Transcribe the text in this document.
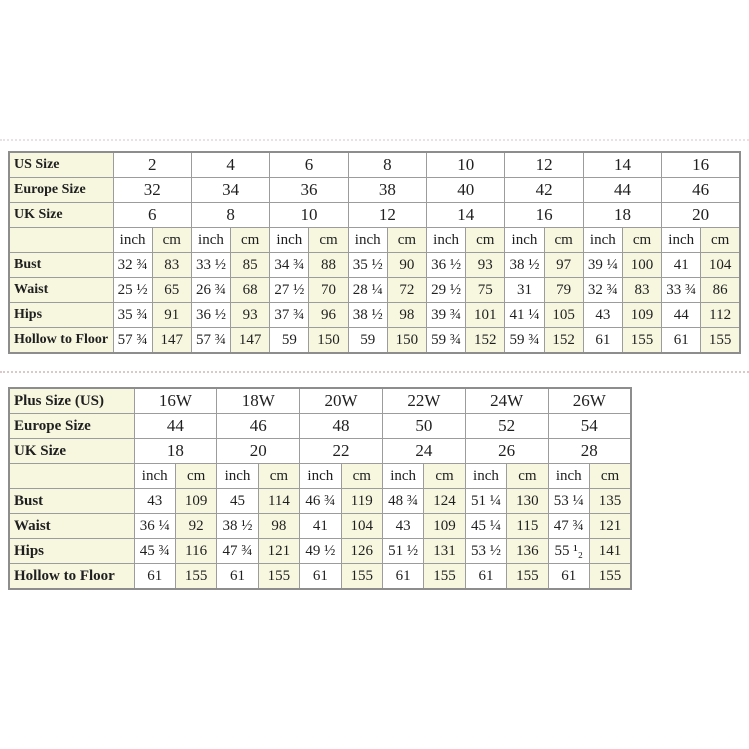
US Size	2		4		6		8		10		12		14		16	
Europe Size	32		34		36		38		40		42		44		46	
UK Size	6		8		10		12		14		16		18		20	
	inch	cm	inch	cm	inch	cm	inch	cm	inch	cm	inch	cm	inch	cm	inch	cm
Bust	32 ¾	83	33 ½	85	34 ¾	88	35 ½	90	36 ½	93	38 ½	97	39 ¼	100	41	104
Waist	25 ½	65	26 ¾	68	27 ½	70	28 ¼	72	29 ½	75	31	79	32 ¾	83	33 ¾	86
Hips	35 ¾	91	36 ½	93	37 ¾	96	38 ½	98	39 ¾	101	41 ¼	105	43	109	44	112
Hollow to Floor	57 ¾	147	57 ¾	147	59	150	59	150	59 ¾	152	59 ¾	152	61	155	61	155
Plus Size (US)	16W		18W		20W		22W		24W		26W	
Europe Size	44		46		48		50		52		54	
UK Size	18		20		22		24		26		28	
	inch	cm	inch	cm	inch	cm	inch	cm	inch	cm	inch	cm
Bust	43	109	45	114	46 ¾	119	48 ¾	124	51 ¼	130	53 ¼	135
Waist	36 ¼	92	38 ½	98	41	104	43	109	45 ¼	115	47 ¾	121
Hips	45 ¾	116	47 ¾	121	49 ½	126	51 ½	131	53 ½	136	55 ¹₂	141
Hollow to Floor	61	155	61	155	61	155	61	155	61	155	61	155
